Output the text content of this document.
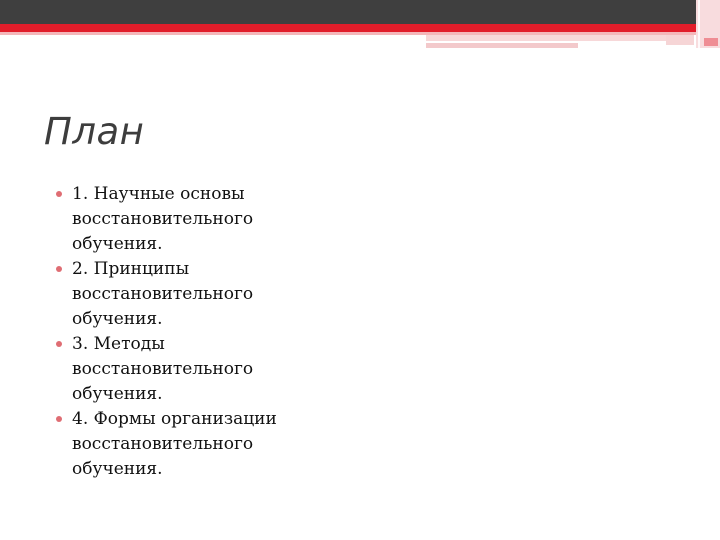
План
1. Научные основы
восстановительного
обучения.
2. Принципы
восстановительного
обучения.
3. Методы
восстановительного
обучения.
4. Формы организации
восстановительного
обучения.
